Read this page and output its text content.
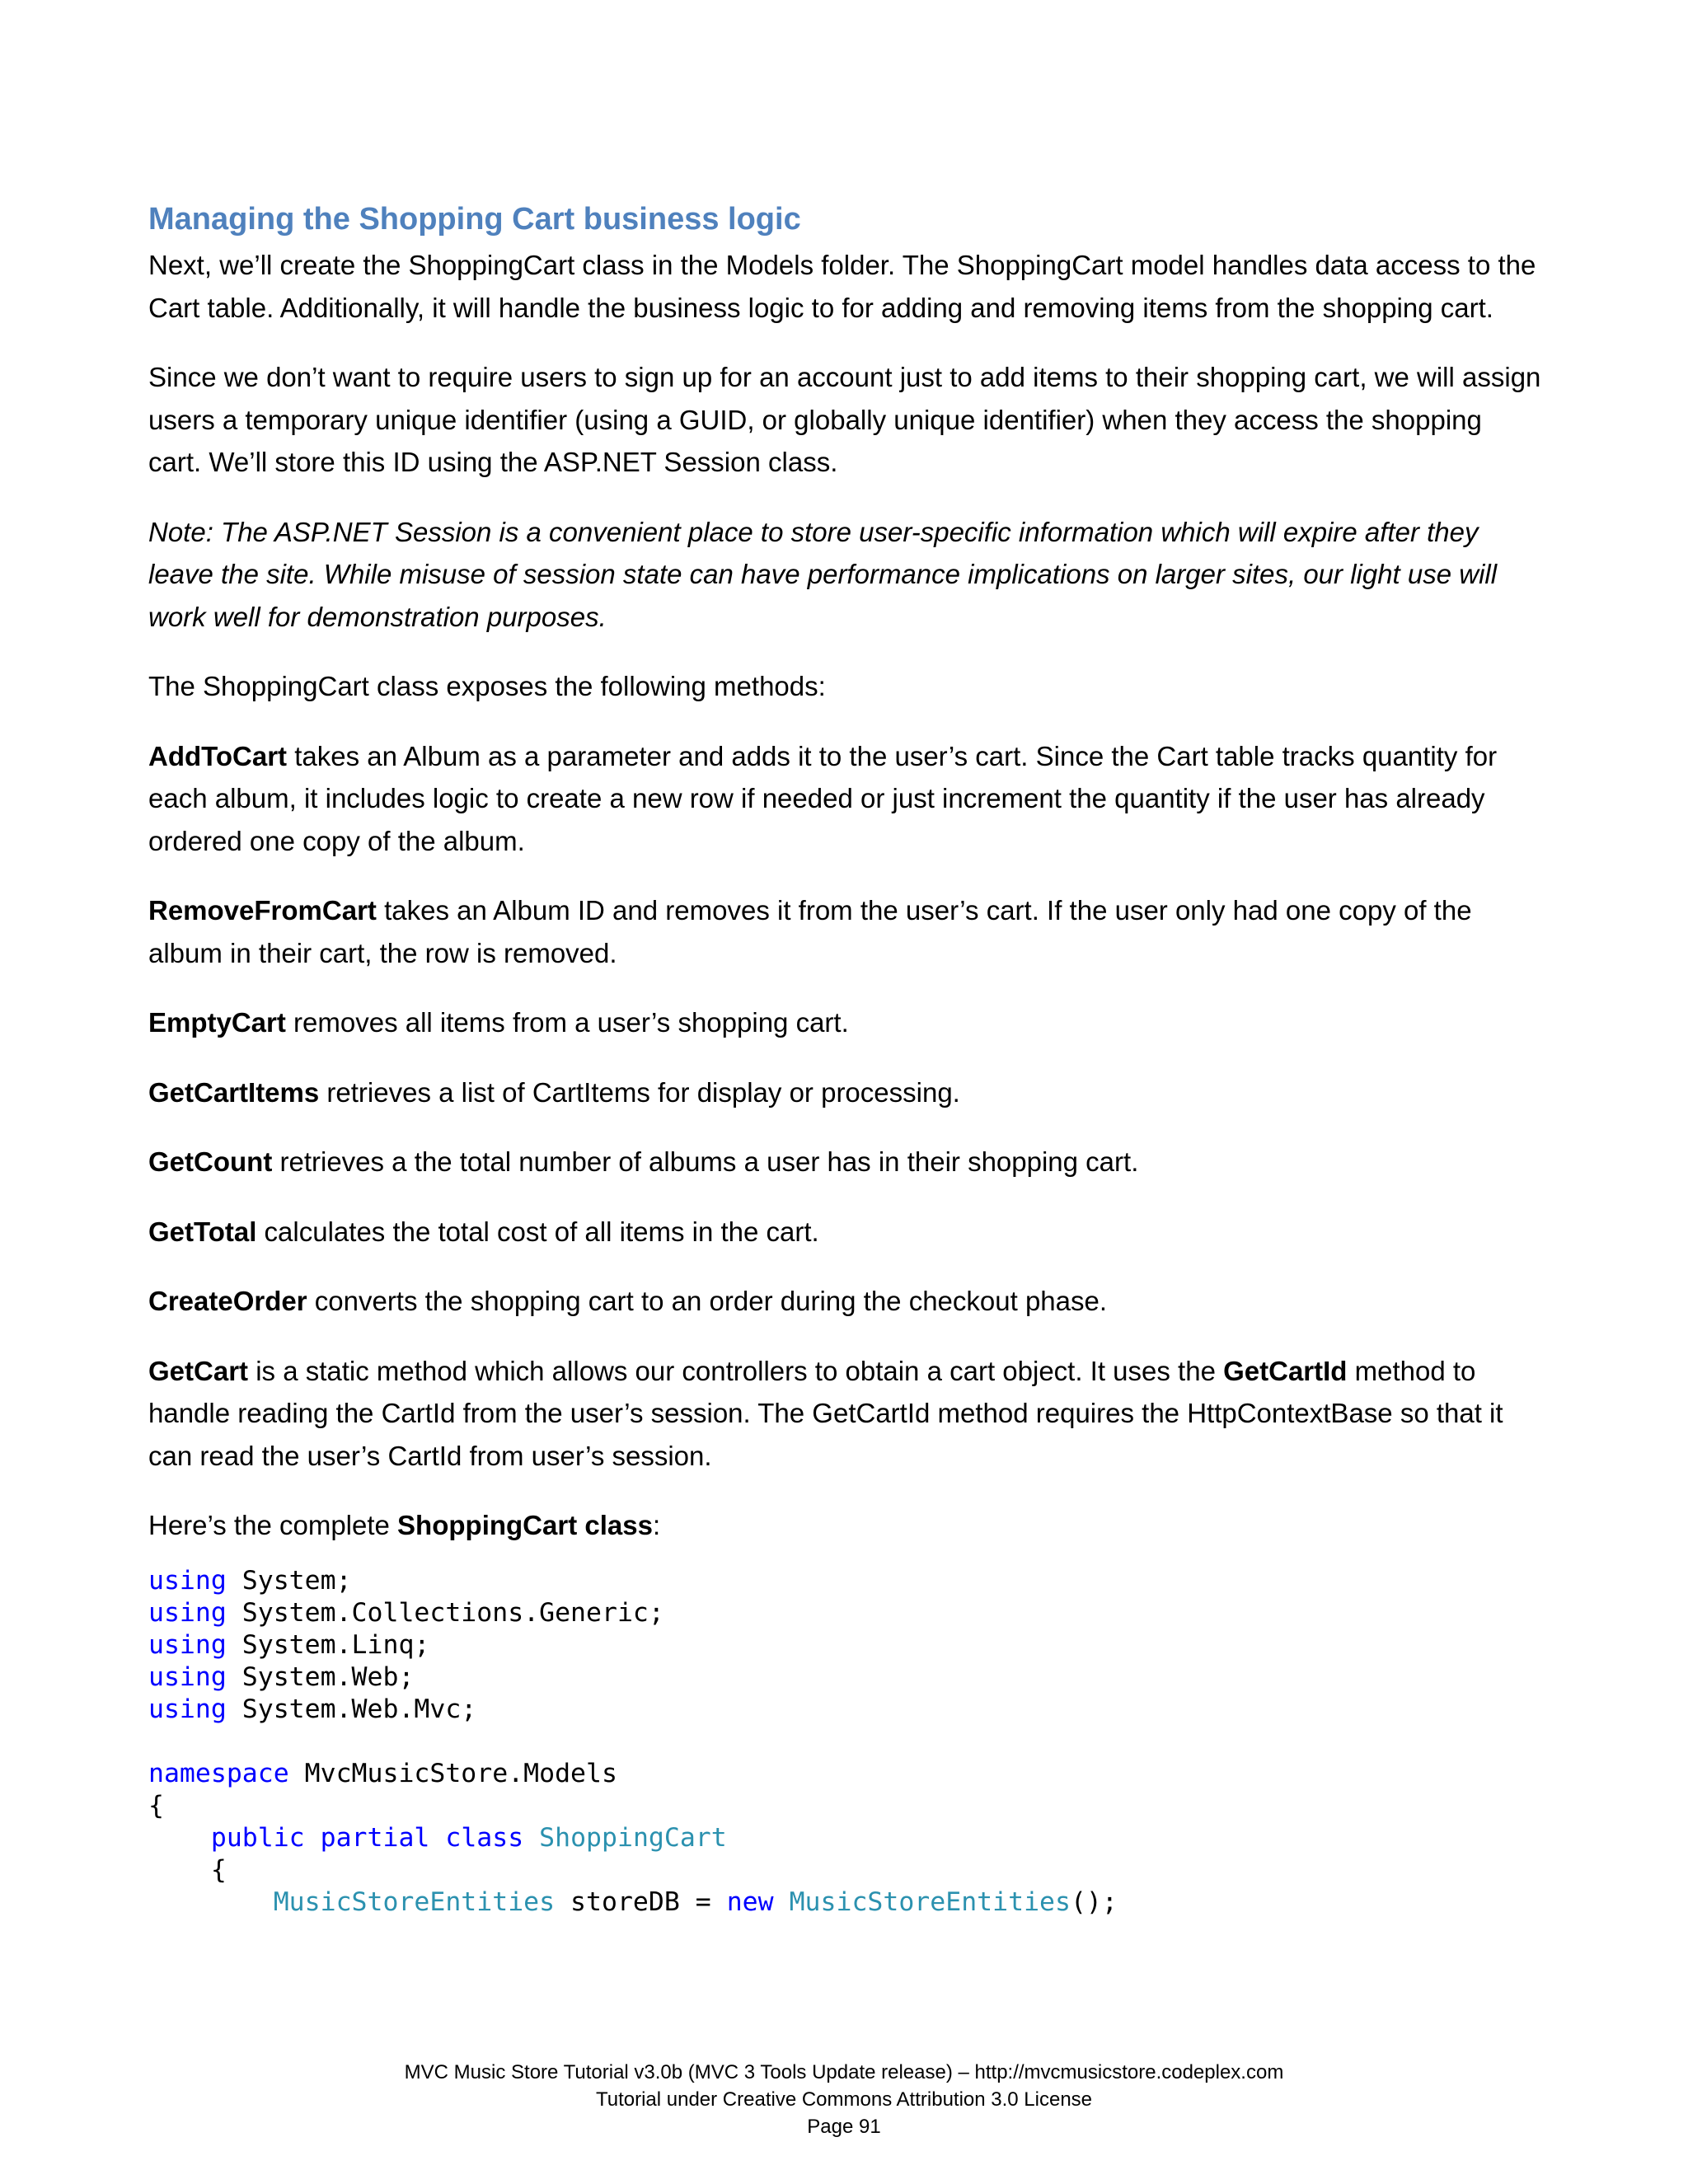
Managing the Shopping Cart business logic

Next, we’ll create the ShoppingCart class in the Models folder. The ShoppingCart model handles data access to the Cart table. Additionally, it will handle the business logic to for adding and removing items from the shopping cart.

Since we don’t want to require users to sign up for an account just to add items to their shopping cart, we will assign users a temporary unique identifier (using a GUID, or globally unique identifier) when they access the shopping cart. We’ll store this ID using the ASP.NET Session class.

Note: The ASP.NET Session is a convenient place to store user-specific information which will expire after they leave the site. While misuse of session state can have performance implications on larger sites, our light use will work well for demonstration purposes.

The ShoppingCart class exposes the following methods:

AddToCart takes an Album as a parameter and adds it to the user’s cart. Since the Cart table tracks quantity for each album, it includes logic to create a new row if needed or just increment the quantity if the user has already ordered one copy of the album.

RemoveFromCart takes an Album ID and removes it from the user’s cart. If the user only had one copy of the album in their cart, the row is removed.

EmptyCart removes all items from a user’s shopping cart.

GetCartItems retrieves a list of CartItems for display or processing.

GetCount retrieves a the total number of albums a user has in their shopping cart.

GetTotal calculates the total cost of all items in the cart.

CreateOrder converts the shopping cart to an order during the checkout phase.

GetCart is a static method which allows our controllers to obtain a cart object. It uses the GetCartId method to handle reading the CartId from the user’s session. The GetCartId method requires the HttpContextBase so that it can read the user’s CartId from user’s session.

Here’s the complete ShoppingCart class:

using System;
using System.Collections.Generic;
using System.Linq;
using System.Web;
using System.Web.Mvc;

namespace MvcMusicStore.Models
{
public partial class ShoppingCart
{
MusicStoreEntities storeDB = new MusicStoreEntities();
MVC Music Store Tutorial v3.0b (MVC 3 Tools Update release) – http://mvcmusicstore.codeplex.com
Tutorial under Creative Commons Attribution 3.0 License
Page 91
